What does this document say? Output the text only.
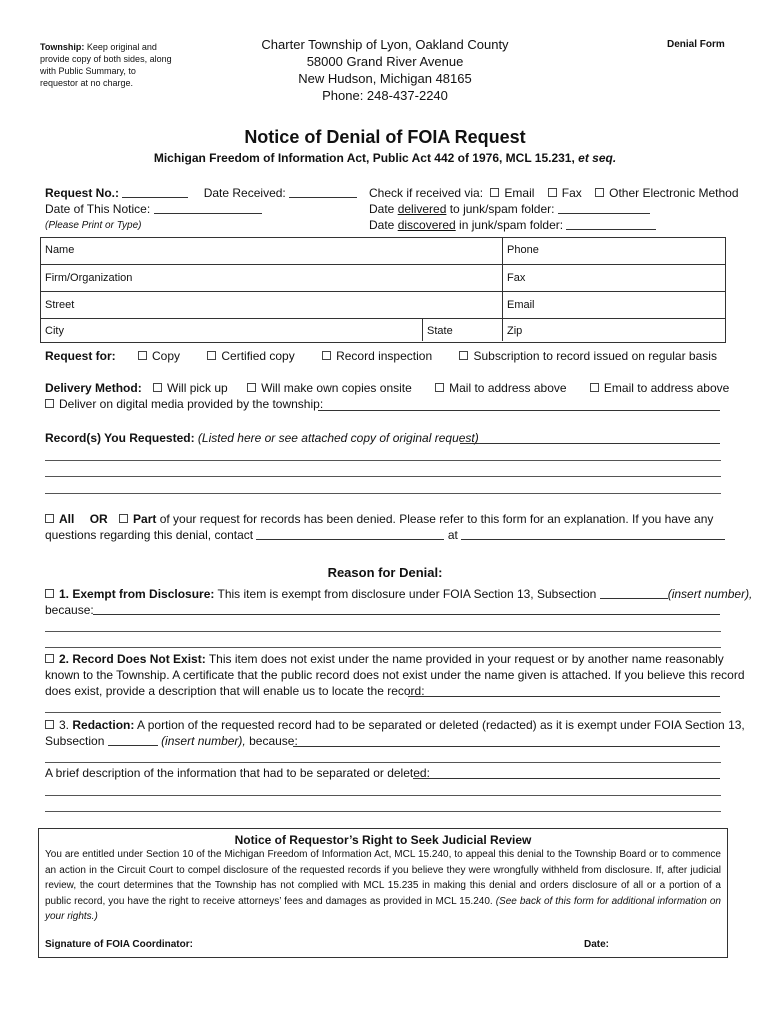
Township: Keep original and provide copy of both sides, along with Public Summary, to requestor at no charge.
Charter Township of Lyon, Oakland County
58000 Grand River Avenue
New Hudson, Michigan 48165
Phone: 248-437-2240
Denial Form
Notice of Denial of FOIA Request
Michigan Freedom of Information Act, Public Act 442 of 1976, MCL 15.231, et seq.
Request No.:	Date Received:
Date of This Notice:
(Please Print or Type)
Check if received via: Email Fax Other Electronic Method
Date delivered to junk/spam folder:
Date discovered in junk/spam folder:
Name	Phone
Firm/Organization	Fax
Street	Email
City	State	Zip
Request for:	Copy	Certified copy	Record inspection	Subscription to record issued on regular basis
Delivery Method: Will pick up	Will make own copies onsite	Mail to address above	Email to address above
Deliver on digital media provided by the township:
Record(s) You Requested: (Listed here or see attached copy of original request)
All OR Part of your request for records has been denied. Please refer to this form for an explanation. If you have any
questions regarding this denial, contact	at
Reason for Denial:
1. Exempt from Disclosure: This item is exempt from disclosure under FOIA Section 13, Subsection	(insert number),
because:
2. Record Does Not Exist: This item does not exist under the name provided in your request or by another name reasonably
known to the Township. A certificate that the public record does not exist under the name given is attached. If you believe this record
does exist, provide a description that will enable us to locate the record:
3. Redaction: A portion of the requested record had to be separated or deleted (redacted) as it is exempt under FOIA Section 13,
Subsection	(insert number), because:
A brief description of the information that had to be separated or deleted:
Notice of Requestor’s Right to Seek Judicial Review
You are entitled under Section 10 of the Michigan Freedom of Information Act, MCL 15.240, to appeal this denial to the Township Board or to commence an action in the Circuit Court to compel disclosure of the requested records if you believe they were wrongfully withheld from disclosure. If, after judicial review, the court determines that the Township has not complied with MCL 15.235 in making this denial and orders disclosure of all or a portion of a public record, you have the right to receive attorneys’ fees and damages as provided in MCL 15.240. (See back of this form for additional information on your rights.)
Signature of FOIA Coordinator:	Date:
